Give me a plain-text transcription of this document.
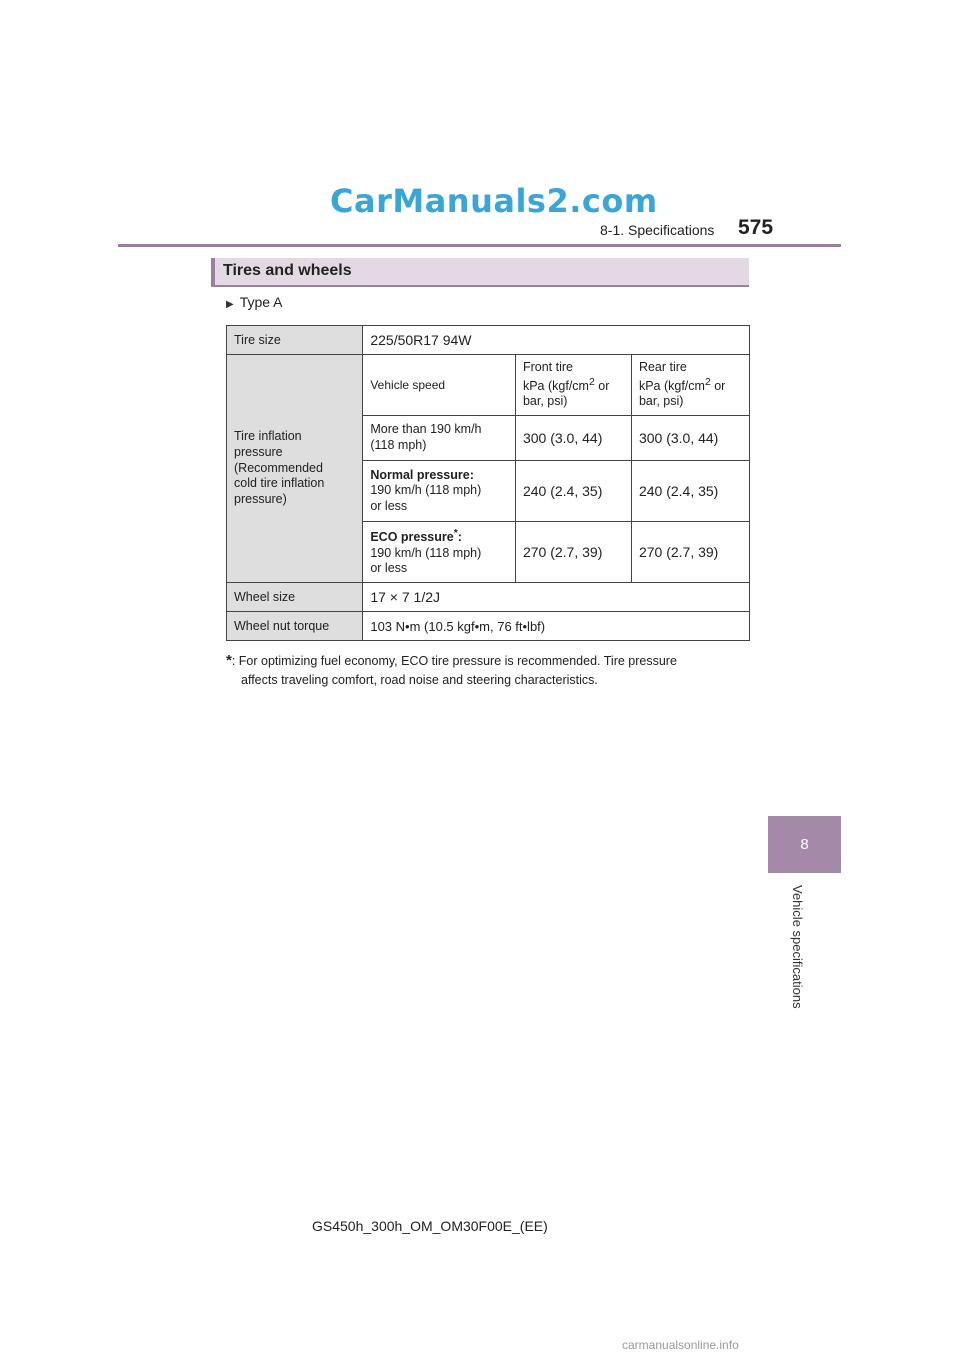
CarManuals2.com
8-1. Specifications 575
Tires and wheels
▶ Type A
Tire size	225/50R17 94W		
Tire inflation
pressure
(Recommended
cold tire inflation
pressure)	Vehicle speed	Front tire
kPa ($kgf/cm^2$ or
bar, psi)	Rear tire
kPa ($kgf/cm^2$ or
bar, psi)
	More than 190 km/h
(118 mph)	300 (3.0, 44)	300 (3.0, 44)
	Normal pressure:
190 km/h (118 mph)
or less	240 (2.4, 35)	240 (2.4, 35)
	ECO pressure*:
190 km/h (118 mph)
or less	270 (2.7, 39)	270 (2.7, 39)
Wheel size	17 × 7 1/2J		
Wheel nut torque	103 N•m (10.5 kgf•m, 76 ft•lbf)		
*: For optimizing fuel economy, ECO tire pressure is recommended. Tire pressure
affects traveling comfort, road noise and steering characteristics.
8
Vehicle specifications
GS450h_300h_OM_OM30F00E_(EE)
carmanualsonline.info
